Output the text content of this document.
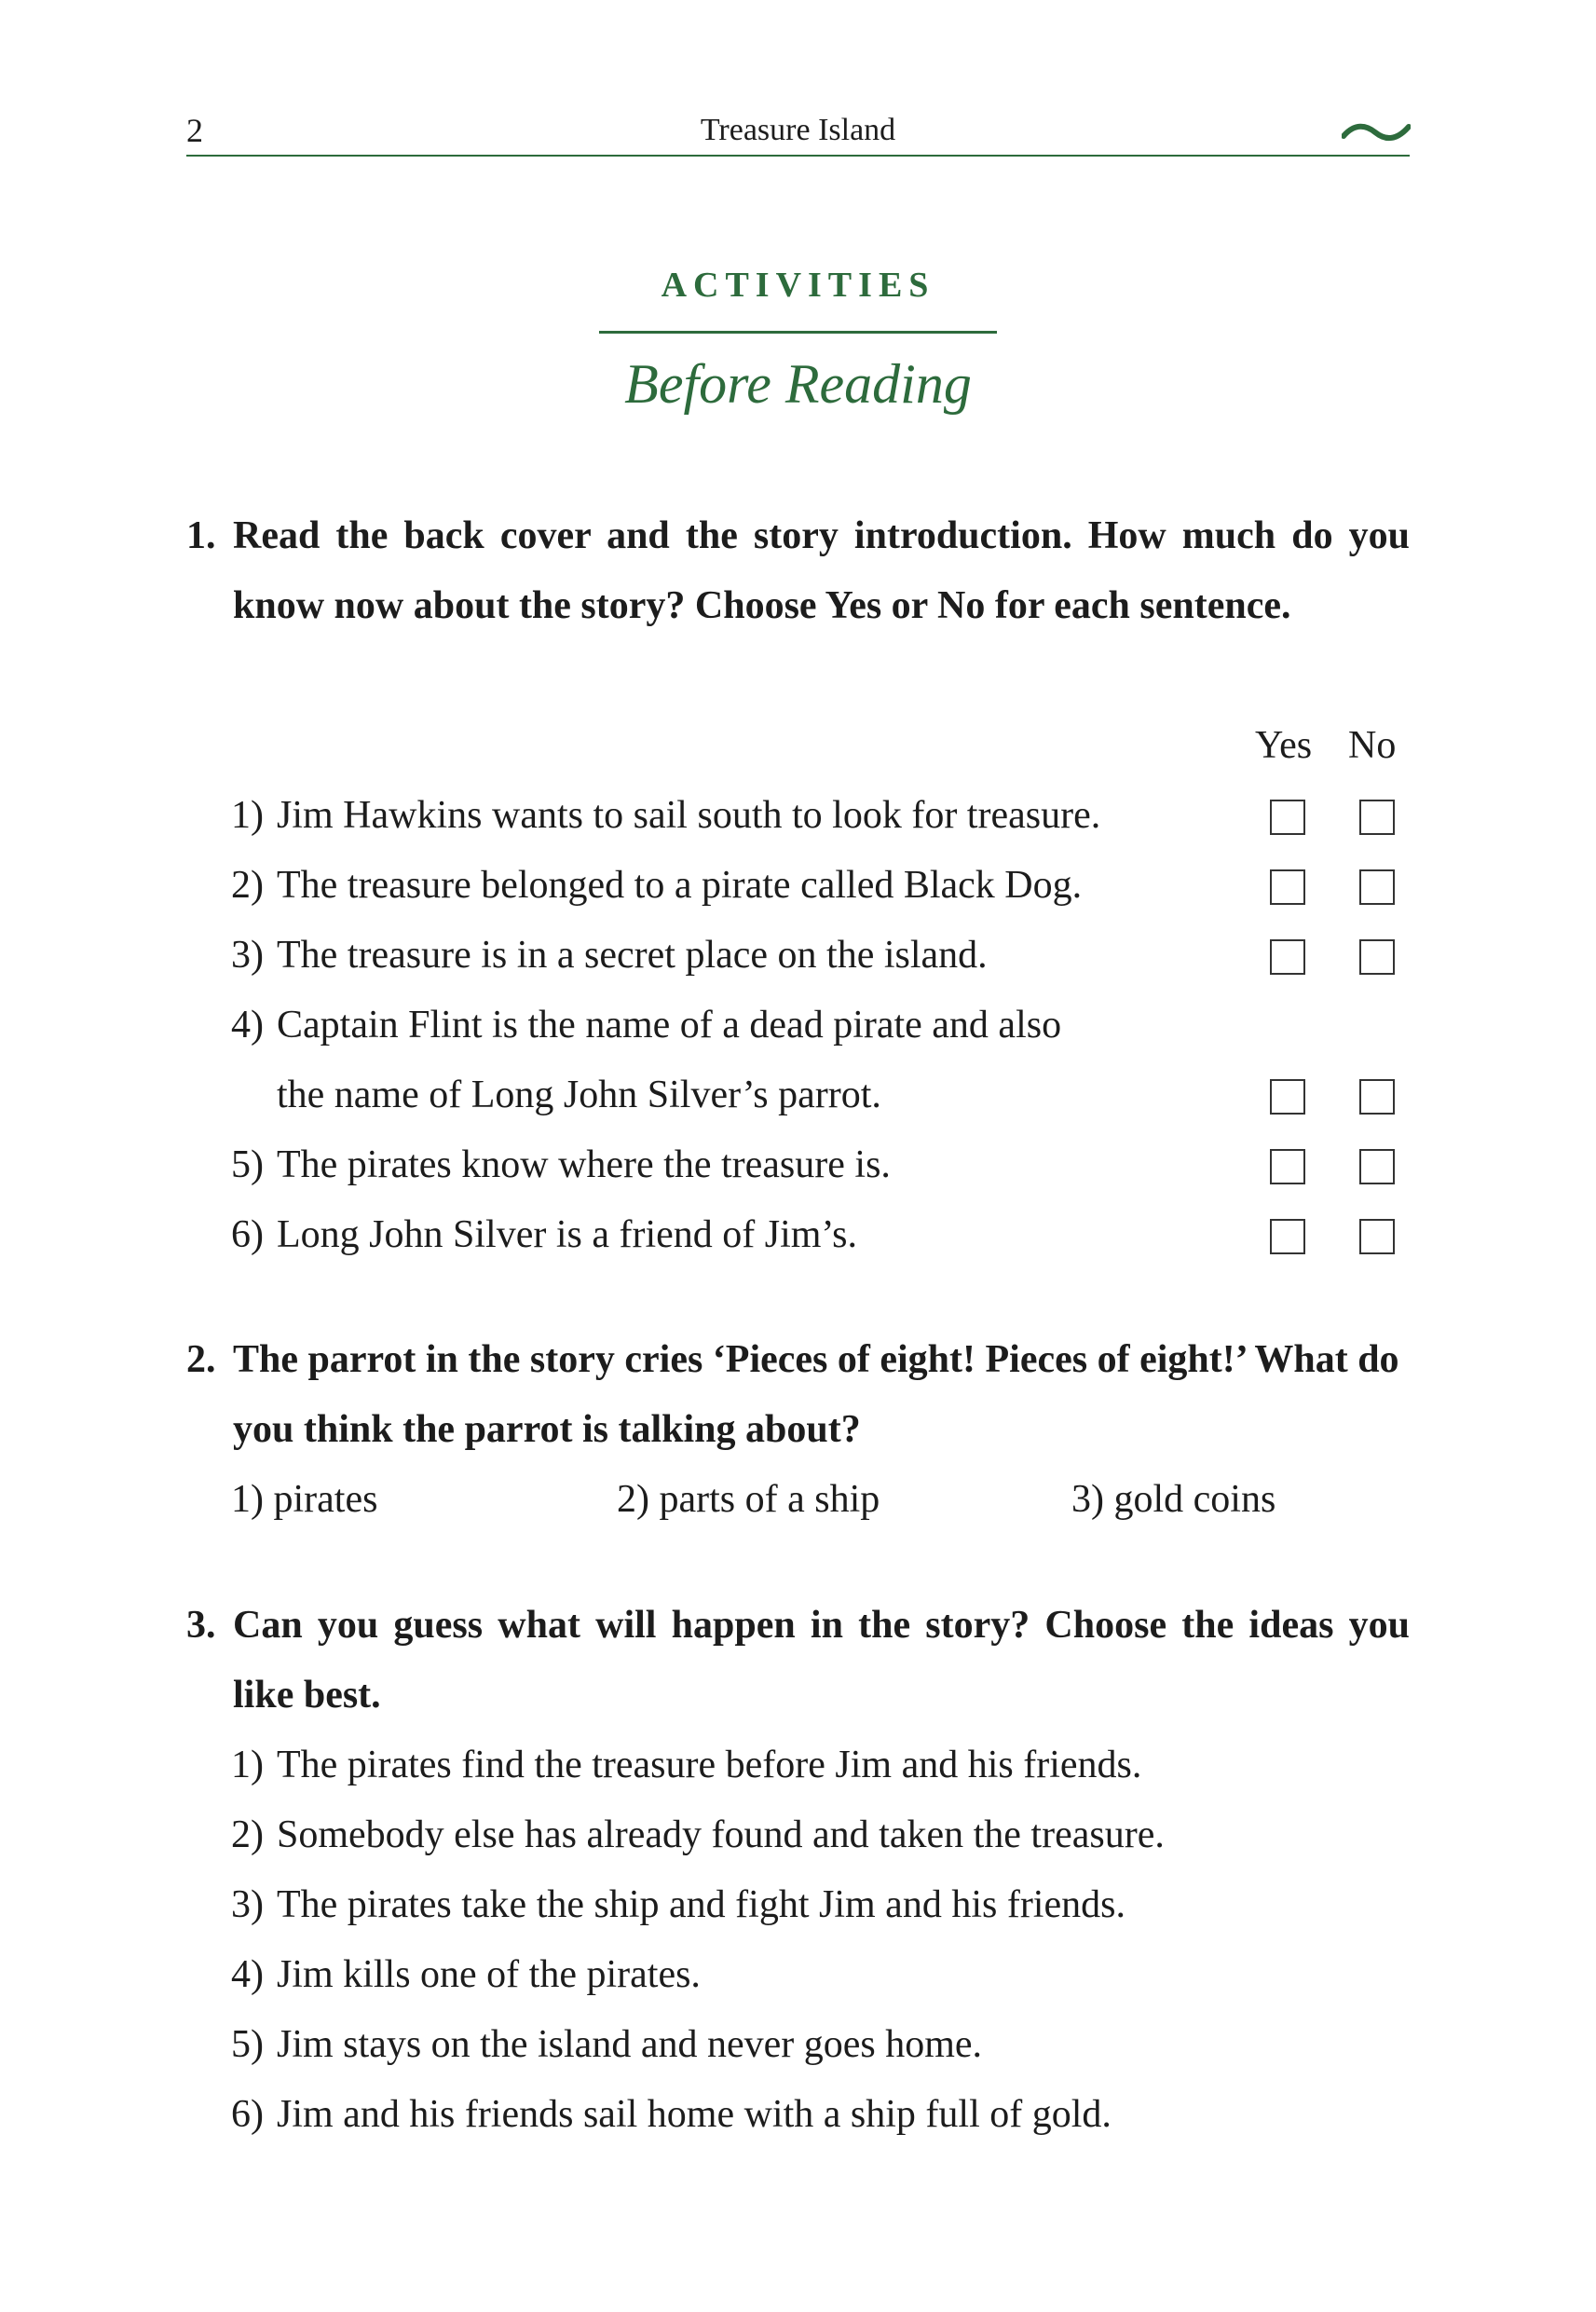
2	Treasure Island
ACTIVITIES
Before Reading
1. Read the back cover and the story introduction. How much do you know now about the story? Choose Yes or No for each sentence.
Yes No
1) Jim Hawkins wants to sail south to look for treasure.
2) The treasure belonged to a pirate called Black Dog.
3) The treasure is in a secret place on the island.
4) Captain Flint is the name of a dead pirate and also
the name of Long John Silver’s parrot.
5) The pirates know where the treasure is.
6) Long John Silver is a friend of Jim’s.
2. The parrot in the story cries ‘Pieces of eight! Pieces of eight!’ What do you think the parrot is talking about?
1) pirates	2) parts of a ship	3) gold coins
3. Can you guess what will happen in the story? Choose the ideas you like best.
1) The pirates find the treasure before Jim and his friends.
2) Somebody else has already found and taken the treasure.
3) The pirates take the ship and fight Jim and his friends.
4) Jim kills one of the pirates.
5) Jim stays on the island and never goes home.
6) Jim and his friends sail home with a ship full of gold.
